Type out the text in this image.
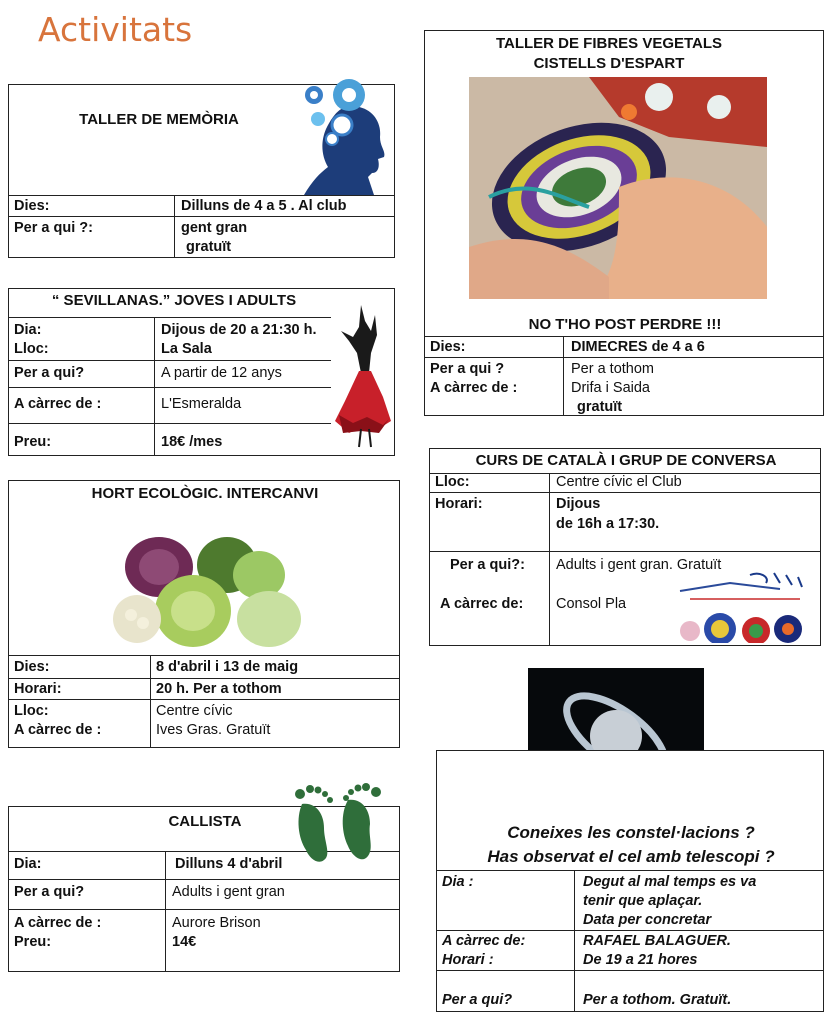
Activitats
TALLER DE MEMÒRIA
Dies:	Dilluns de 4 a 5 . Al club
Per a qui ?:	gent gran
gratuït
“ SEVILLANAS.” JOVES I ADULTS
Dia:	Dijous de 20 a 21:30 h.
Lloc:	La Sala
Per a qui?	A partir de 12 anys
A càrrec de :	L'Esmeralda
Preu:	18€ /mes
HORT ECOLÒGIC. INTERCANVI
Dies:	8 d'abril i 13 de maig
Horari:	20 h. Per a tothom
Lloc:	Centre cívic
A càrrec de :	Ives Gras. Gratuït
CALLISTA
Dia:	Dilluns 4 d'abril
Per a qui?	Adults i gent gran
A càrrec de :	Aurore Brison
Preu:	14€
TALLER DE FIBRES VEGETALS
CISTELLS D'ESPART
NO T'HO POST PERDRE !!!
Dies:	DIMECRES de 4 a 6
Per a qui ?	Per a tothom
A càrrec de :	Drifa i Saida
gratuït
CURS DE CATALÀ I GRUP DE CONVERSA
Lloc:	Centre cívic el Club
Horari:	Dijous
de 16h a 17:30.
Per a qui?: Adults i gent gran. Gratuït
A càrrec de: Consol Pla
Coneixes les constel·lacions ?
Has observat el cel amb telescopi ?
Dia :	Degut al mal temps es va
tenir que aplaçar.
Data per concretar
A càrrec de:	RAFAEL BALAGUER.
Horari :	De 19 a 21 hores
Per a qui?	Per a tothom. Gratuït.
